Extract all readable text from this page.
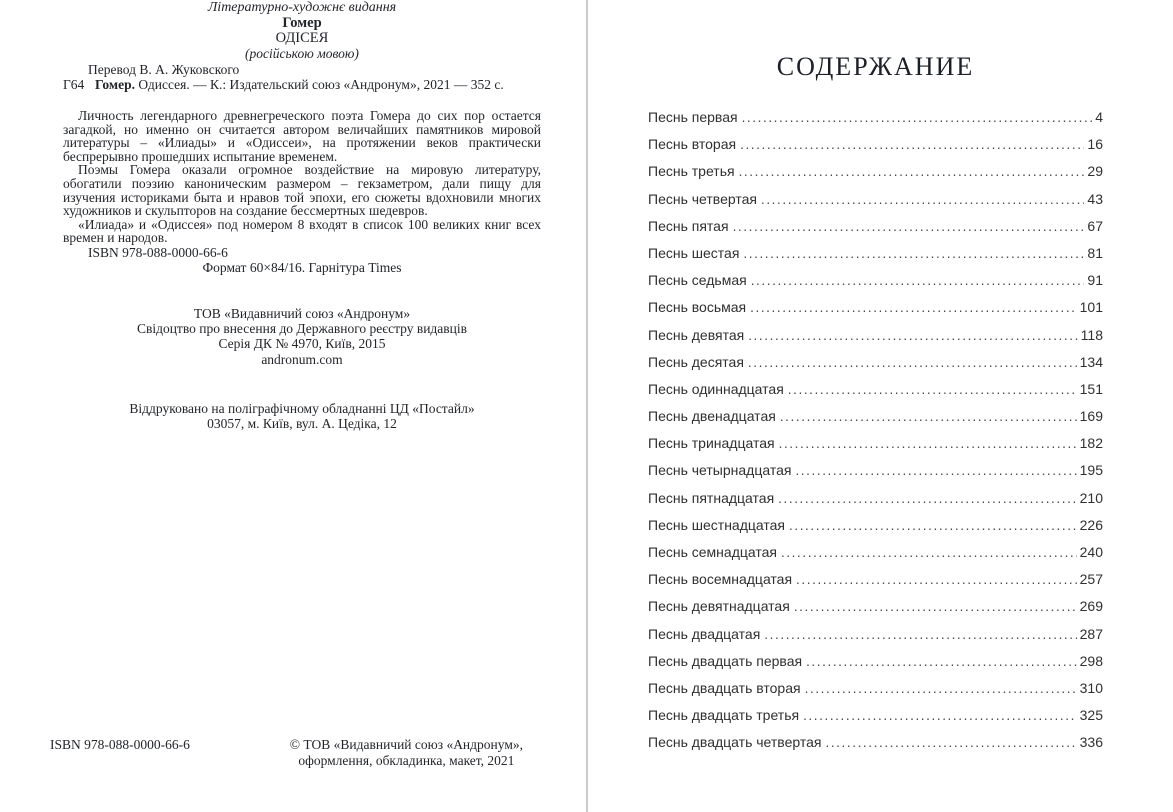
Літературно-художнє видання

Гомер

ОДІСЕЯ

(російською мовою)

Перевод В. А. Жуковского

Г64 Гомер. Одиссея. — К.: Издательский союз «Андронум», 2021 — 352 с.

Личность легендарного древнегреческого поэта Гомера до сих пор остается загадкой, но именно он считается автором величайших памятников мировой литературы – «Илиады» и «Одиссеи», на протяжении веков практически беспрерывно прошедших испытание временем.

Поэмы Гомера оказали огромное воздействие на мировую литературу, обогатили поэзию каноническим размером – гекзаметром, дали пищу для изучения историками быта и нравов той эпохи, его сюжеты вдохновили многих художников и скульпторов на создание бессмертных шедевров.

«Илиада» и «Одиссея» под номером 8 входят в список 100 великих книг всех времен и народов.

ISBN 978-088-0000-66-6

Формат 60×84/16. Гарнітура Times

ТОВ «Видавничий союз «Андронум»

Свідоцтво про внесення до Державного реєстру видавців

Серія ДК № 4970, Київ, 2015

andronum.com

Віддруковано на поліграфічному обладнанні ЦД «Постайл»

03057, м. Київ, вул. А. Цедіка, 12

ISBN 978-088-0000-66-6	© ТОВ «Видавничий союз «Андронум»,

оформлення, обкладинка, макет, 2021

СОДЕРЖАНИЕ
Песнь первая .....	4
Песнь вторая .....	16
Песнь третья .....	29
Песнь четвертая .....	43
Песнь пятая .....	67
Песнь шестая .....	81
Песнь седьмая .....	91
Песнь восьмая .....	101
Песнь девятая .....	118
Песнь десятая .....	134
Песнь одиннадцатая .....	151
Песнь двенадцатая .....	169
Песнь тринадцатая .....	182
Песнь четырнадцатая .....	195
Песнь пятнадцатая .....	210
Песнь шестнадцатая .....	226
Песнь семнадцатая .....	240
Песнь восемнадцатая .....	257
Песнь девятнадцатая .....	269
Песнь двадцатая .....	287
Песнь двадцать первая .....	298
Песнь двадцать вторая .....	310
Песнь двадцать третья .....	325
Песнь двадцать четвертая .....	336
